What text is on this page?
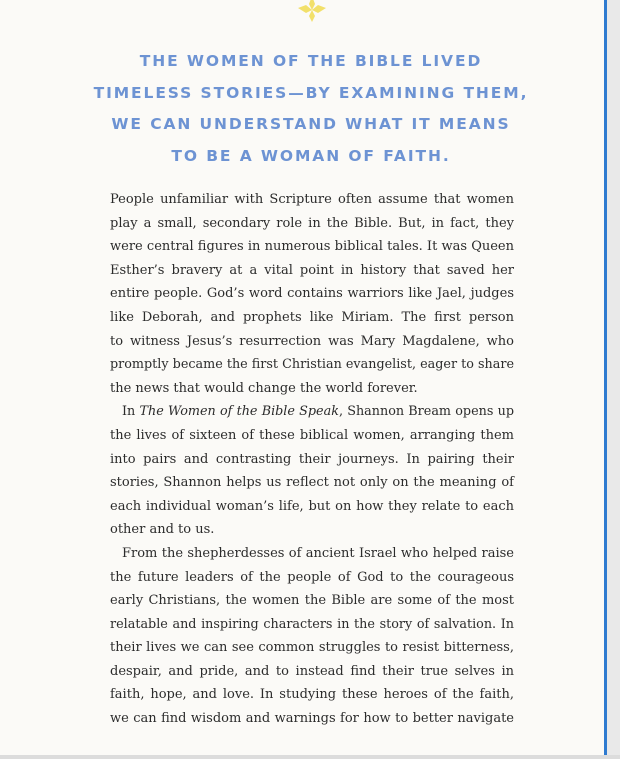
THE WOMEN OF THE BIBLE LIVED
TIMELESS STORIES—BY EXAMINING THEM,
WE CAN UNDERSTAND WHAT IT MEANS
TO BE A WOMAN OF FAITH.
People unfamiliar with Scripture often assume that women
play a small, secondary role in the Bible. But, in fact, they
were central figures in numerous biblical tales. It was Queen
Esther’s bravery at a vital point in history that saved her
entire people. God’s word contains warriors like Jael, judges
like Deborah, and prophets like Miriam. The first person
to witness Jesus’s resurrection was Mary Magdalene, who
promptly became the first Christian evangelist, eager to share
the news that would change the world forever.
In The Women of the Bible Speak, Shannon Bream opens up
the lives of sixteen of these biblical women, arranging them
into pairs and contrasting their journeys. In pairing their
stories, Shannon helps us reflect not only on the meaning of
each individual woman’s life, but on how they relate to each
other and to us.
From the shepherdesses of ancient Israel who helped raise
the future leaders of the people of God to the courageous
early Christians, the women the Bible are some of the most
relatable and inspiring characters in the story of salvation. In
their lives we can see common struggles to resist bitterness,
despair, and pride, and to instead find their true selves in
faith, hope, and love. In studying these heroes of the faith,
we can find wisdom and warnings for how to better navigate
